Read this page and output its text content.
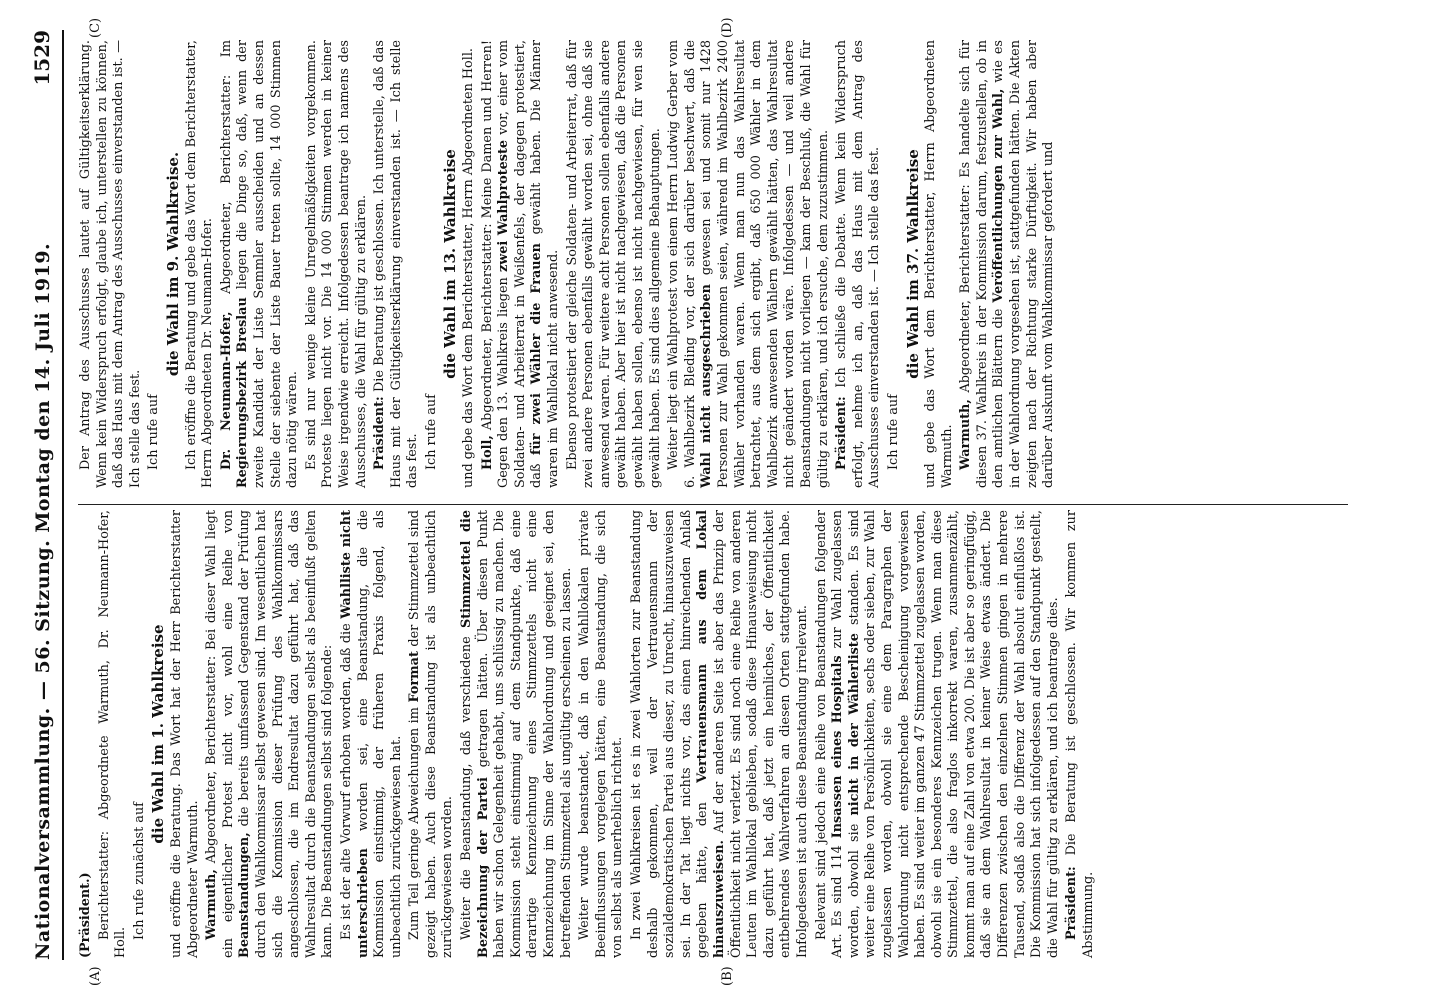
Nationalversammlung. — 56. Sitzung. Montag den 14. Juli 1919.
1529
(A)	(B)
(C)	(D)

(Präsident.) Berichterstatter: Abgeordnete Warmuth, Dr. Neumann-Hofer, Holl.

Ich rufe zunächst auf

die Wahl im 1. Wahlkreise und eröffne die Beratung. Das Wort hat der Herr Berichterstatter Abgeordneter Warmuth. Warmuth, Abgeordneter, Berichterstatter: Bei dieser Wahl liegt ein eigentlicher Protest nicht vor, wohl eine Reihe von Beanstandungen, die bereits umfassend Gegenstand der Prüfung durch den Wahlkommissar selbst gewesen sind. Im wesentlichen hat sich die Kommission dieser Prüfung des Wahlkommissars angeschlossen, die im Endresultat dazu geführt hat, daß das Wahlresultat durch die Beanstandungen selbst als beeinflußt gelten kann. Die Beanstandungen selbst sind folgende: Es ist der alte Vorwurf erhoben worden, daß die Wahlliste nicht unterschrieben worden sei, eine Beanstandung, die die Kommission einstimmig, der früheren Praxis folgend, als unbeachtlich zurückgewiesen hat. Zum Teil geringe Abweichungen im Format der Stimmzettel sind gezeigt haben. Auch diese Beanstandung ist als unbeachtlich zurückgewiesen worden. Weiter die Beanstandung, daß verschiedene Stimmzettel die Bezeichnung der Partei getragen hätten. Über diesen Punkt haben wir schon Gelegenheit gehabt, uns schlüssig zu machen. Die Kommission steht einstimmig auf dem Standpunkte, daß eine derartige Kennzeichnung eines Stimmzettels nicht eine Kennzeichnung im Sinne der Wahlordnung und geeignet sei, den betreffenden Stimmzettel als ungültig erscheinen zu lassen. Weiter wurde beanstandet, daß in den Wahllokalen private Beeinflussungen vorgelegen hätten, eine Beanstandung, die sich von selbst als unerheblich richtet. In zwei Wahlkreisen ist es in zwei Wahlorten zur Beanstandung deshalb gekommen, weil der Vertrauensmann der sozialdemokratischen Partei aus dieser, zu Unrecht, hinauszuweisen sei. In der Tat liegt nichts vor, das einen hinreichenden Anlaß gegeben hätte, den Vertrauensmann aus dem Lokal hinauszuweisen. Auf der anderen Seite ist aber das Prinzip der Öffentlichkeit nicht verletzt. Es sind noch eine Reihe von anderen Leuten im Wahllokal geblieben, sodaß diese Hinausweisung nicht dazu geführt hat, daß jetzt ein heimliches, der Öffentlichkeit entbehrendes Wahlverfahren an diesen Orten stattgefunden habe. Infolgedessen ist auch diese Beanstandung irrelevant. Relevant sind jedoch eine Reihe von Beanstandungen folgender Art. Es sind 114 Insassen eines Hospitals zur Wahl zugelassen worden, obwohl sie nicht in der Wählerliste standen. Es sind weiter eine Reihe von Persönlichkeiten, sechs oder sieben, zur Wahl zugelassen worden, obwohl sie eine dem Paragraphen der Wahlordnung nicht entsprechende Bescheinigung vorgewiesen haben. Es sind weiter im ganzen 47 Stimmzettel zugelassen worden, obwohl sie ein besonderes Kennzeichen trugen. Wenn man diese Stimmzettel, die also fraglos inkorrekt waren, zusammenzählt, kommt man auf eine Zahl von etwa 200. Die ist aber so geringfügig, daß sie an dem Wahlresultat in keiner Weise etwas ändert. Die Differenzen zwischen den einzelnen Stimmen gingen in mehrere Tausend, sodaß also die Differenz der Wahl absolut einflußlos ist. Die Kommission hat sich infolgedessen auf den Standpunkt gestellt, die Wahl für gültig zu erklären, und ich beantrage dies. Präsident: Die Beratung ist geschlossen. Wir kommen zur Abstimmung.

Der Antrag des Ausschusses lautet auf Gültigkeitserklärung. Wenn kein Widerspruch erfolgt, glaube ich, unterstellen zu können, daß das Haus mit dem Antrag des Ausschusses einverstanden ist. — Ich stelle das fest. Ich rufe auf

die Wahl im 9. Wahlkreise. Ich eröffne die Beratung und gebe das Wort dem Berichterstatter, Herrn Abgeordneten Dr. Neumann-Hofer. Dr. Neumann-Hofer, Abgeordneter, Berichterstatter: Im Regierungsbezirk Breslau liegen die Dinge so, daß, wenn der zweite Kandidat der Liste Semmler ausscheiden und an dessen Stelle der siebente der Liste Bauer treten sollte, 14 000 Stimmen dazu nötig wären. Es sind nur wenige kleine Unregelmäßigkeiten vorgekommen. Proteste liegen nicht vor. Die 14 000 Stimmen werden in keiner Weise irgendwie erreicht. Infolgedessen beantrage ich namens des Ausschusses, die Wahl für gültig zu erklären. Präsident: Die Beratung ist geschlossen. Ich unterstelle, daß das Haus mit der Gültigkeitserklärung einverstanden ist. — Ich stelle das fest. Ich rufe auf

die Wahl im 13. Wahlkreise und gebe das Wort dem Berichterstatter, Herrn Abgeordneten Holl. Holl, Abgeordneter, Berichterstatter: Meine Damen und Herren! Gegen den 13. Wahlkreis liegen zwei Wahlproteste vor, einer vom Soldaten- und Arbeiterrat in Weißenfels, der dagegen protestiert, daß für zwei Wähler die Frauen gewählt haben. Die Männer waren im Wahllokal nicht anwesend. Ebenso protestiert der gleiche Soldaten- und Arbeiterrat, daß für zwei andere Personen ebenfalls gewählt worden sei, ohne daß sie anwesend waren. Für weitere acht Personen sollen ebenfalls andere gewählt haben. Aber hier ist nicht nachgewiesen, daß die Personen gewählt haben sollen, ebenso ist nicht nachgewiesen, für wen sie gewählt haben. Es sind dies allgemeine Behauptungen. Weiter liegt ein Wahlprotest von einem Herrn Ludwig Gerber vom 6. Wahlbezirk Bleding vor, der sich darüber beschwert, daß die Wahl nicht ausgeschrieben gewesen sei und somit nur 1428 Personen zur Wahl gekommen seien, während im Wahlbezirk 2400 Wähler vorhanden waren. Wenn man nun das Wahlresultat betrachtet, aus dem sich ergibt, daß 650 000 Wähler in dem Wahlbezirk anwesenden Wählern gewählt hätten, das Wahlresultat nicht geändert worden wäre. Infolgedessen — und weil andere Beanstandungen nicht vorliegen — kam der Beschluß, die Wahl für gültig zu erklären, und ich ersuche, dem zuzustimmen. Präsident: Ich schließe die Debatte. Wenn kein Widerspruch erfolgt, nehme ich an, daß das Haus mit dem Antrag des Ausschusses einverstanden ist. — Ich stelle das fest. Ich rufe auf

die Wahl im 37. Wahlkreise und gebe das Wort dem Berichterstatter, Herrn Abgeordneten Warmuth. Warmuth, Abgeordneter, Berichterstatter: Es handelte sich für diesen 37. Wahlkreis in der Kommission darum, festzustellen, ob in den amtlichen Blättern die Veröffentlichungen zur Wahl, wie es in der Wahlordnung vorgesehen ist, stattgefunden hätten. Die Akten zeigten nach der Richtung starke Dürftigkeit. Wir haben aber darüber Auskunft vom Wahlkommissar gefordert und
